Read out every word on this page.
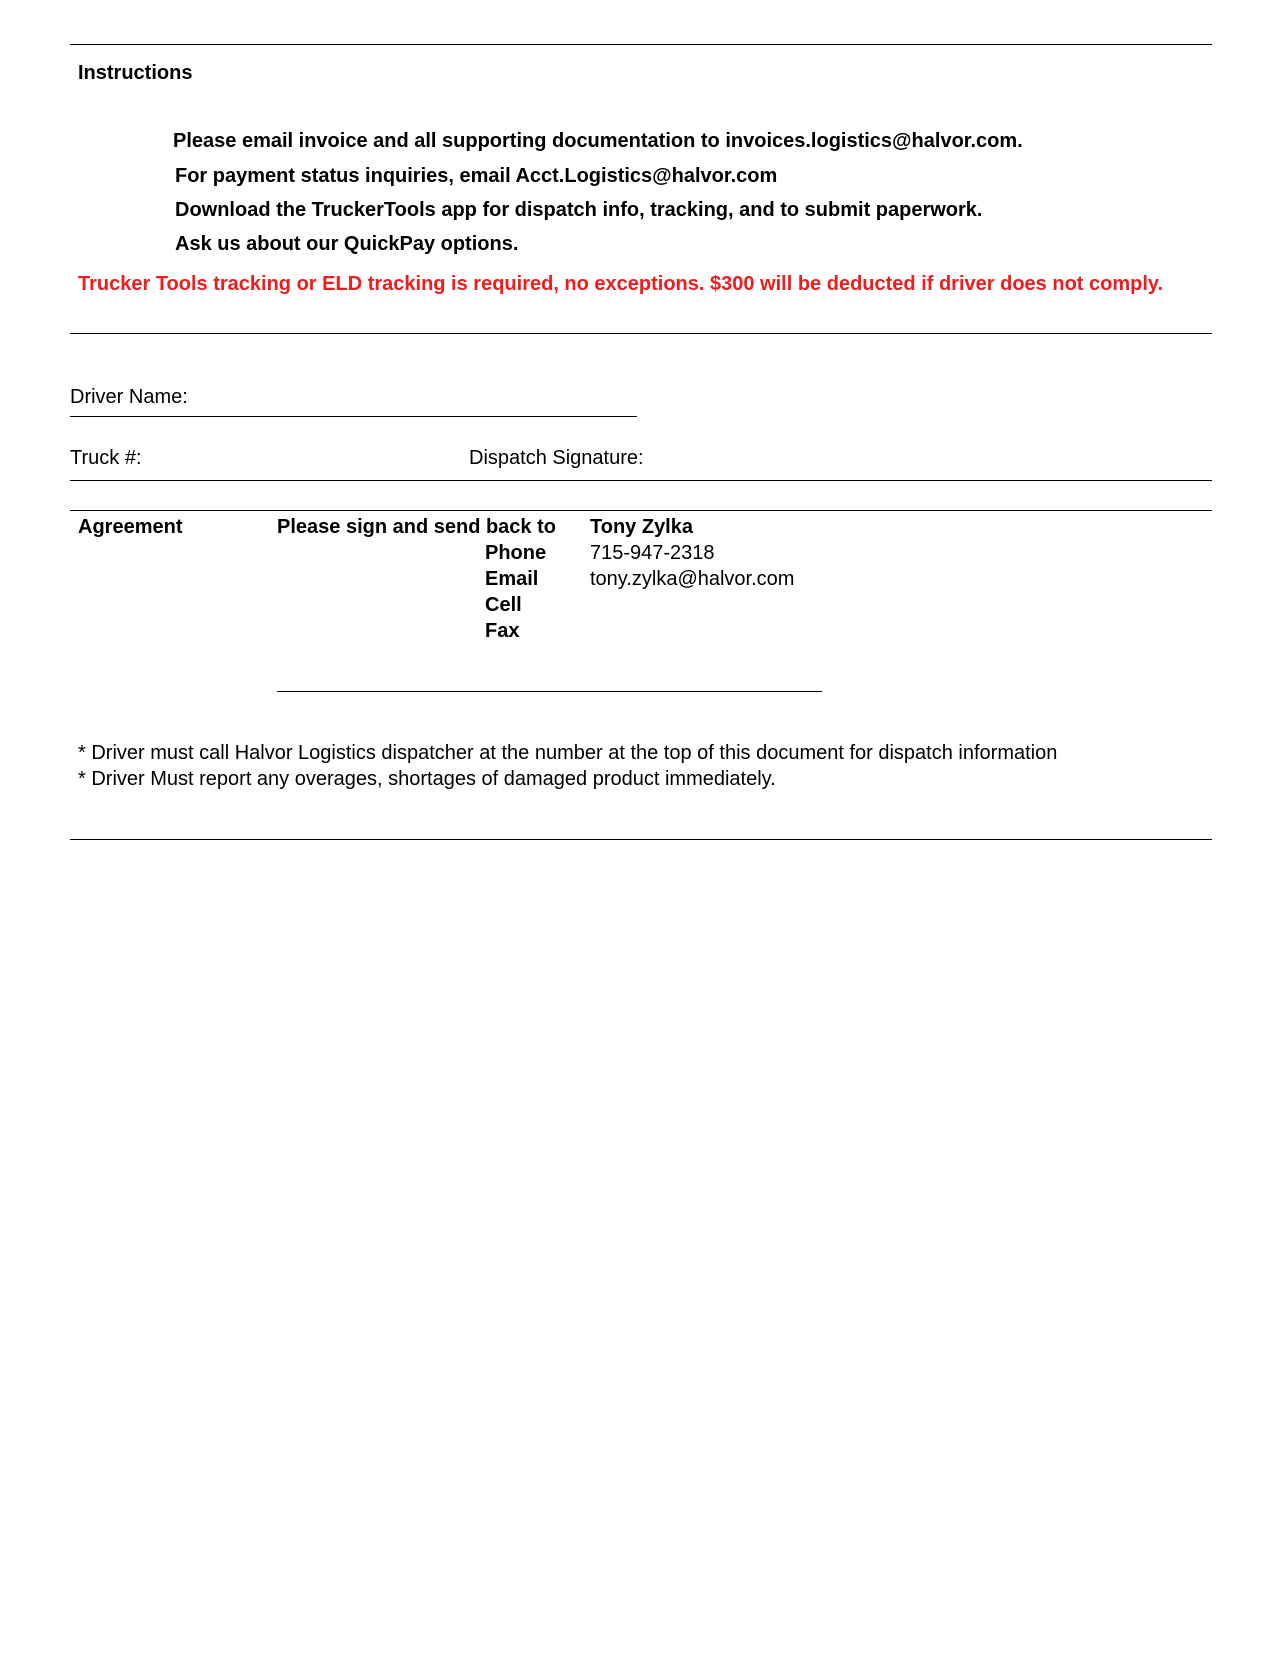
Instructions
Please email invoice and all supporting documentation to invoices.logistics@halvor.com.
For payment status inquiries, email Acct.Logistics@halvor.com
Download the TruckerTools app for dispatch info, tracking, and to submit paperwork.
Ask us about our QuickPay options.
Trucker Tools tracking or ELD tracking is required, no exceptions. $300 will be deducted if driver does not comply.
Driver Name:
Truck #:	Dispatch Signature:
Agreement	Please sign and send back to Tony Zylka
Phone 715-947-2318
Email	tony.zylka@halvor.com
Cell
Fax
* Driver must call Halvor Logistics dispatcher at the number at the top of this document for dispatch information
* Driver Must report any overages, shortages of damaged product immediately.
